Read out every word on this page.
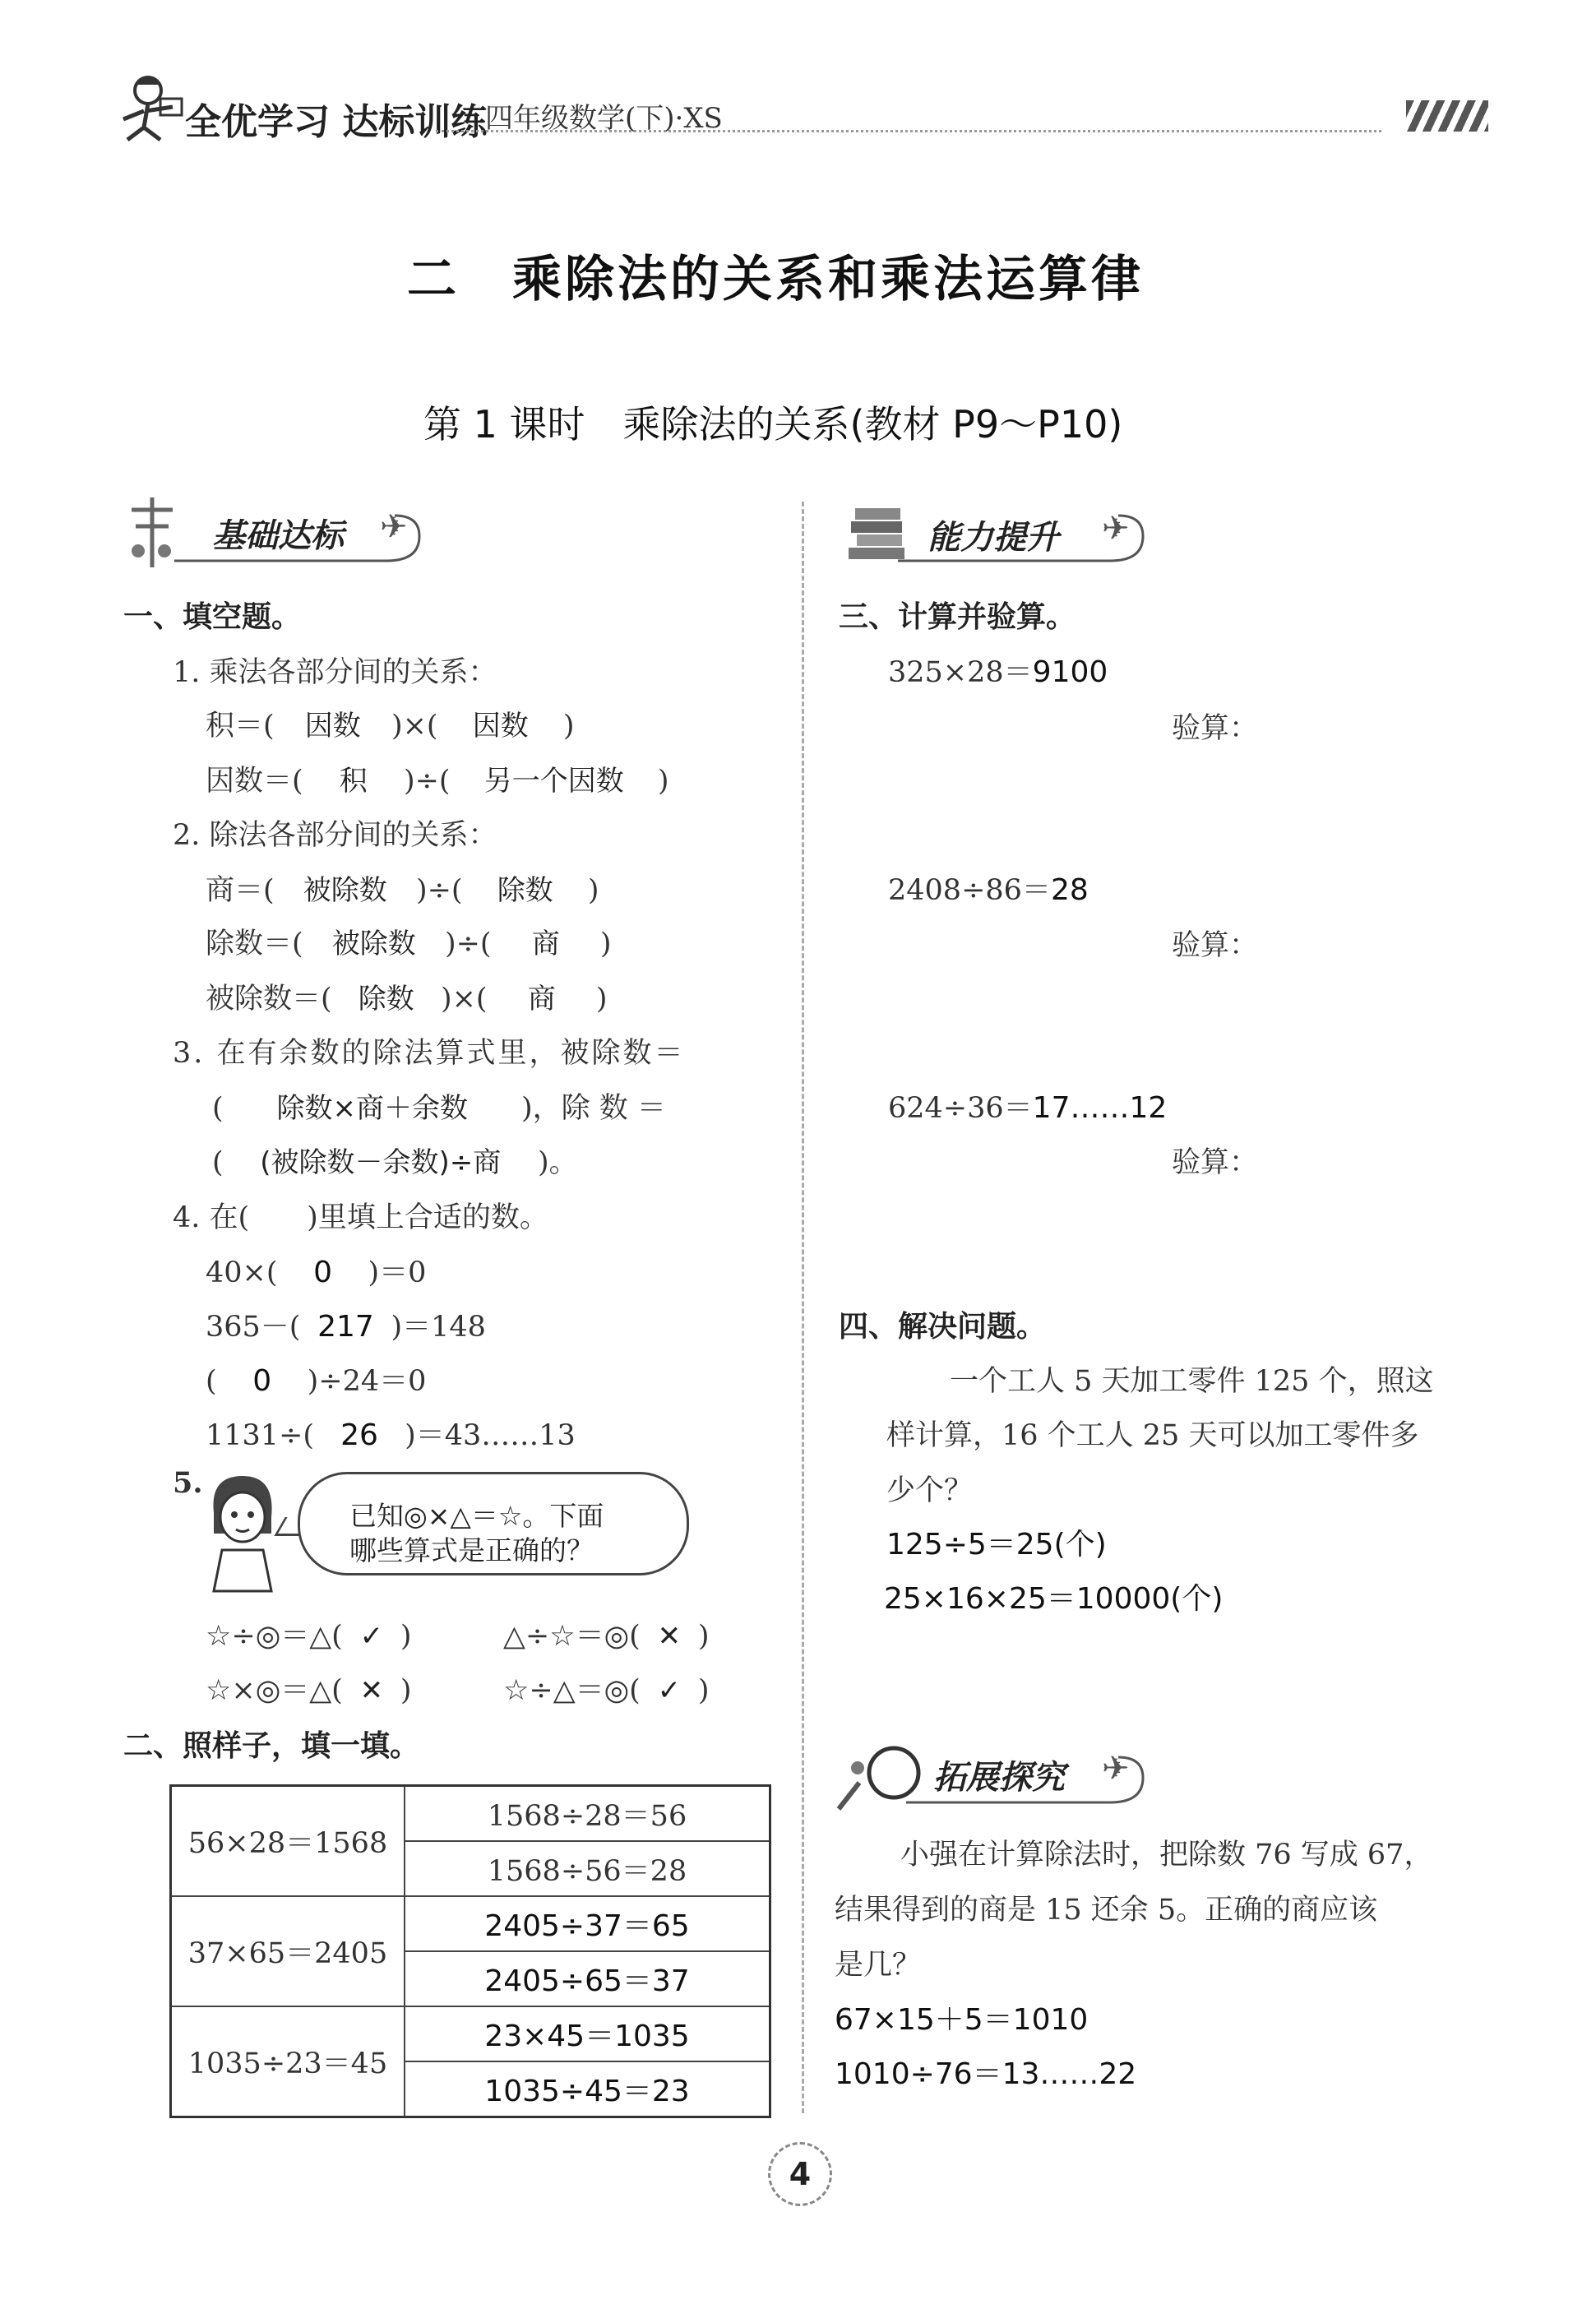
全优学习 达标训练
四年级数学(下)·XS
二　乘除法的关系和乘法运算律
第 1 课时　乘除法的关系(教材 P9～P10)
基础达标 ✈
一、填空题。
1. 乘法各部分间的关系：
积＝( 因数 )×( 因数 )
因数＝( 积 )÷( 另一个因数 )
2. 除法各部分间的关系：
商＝( 被除数 )÷( 除数 )
除数＝( 被除数 )÷( 商 )
被除数＝( 除数 )×( 商 )
3. 在有余数的除法算式里，被除数＝
( 除数×商＋余数 )，除 数 ＝
( (被除数－余数)÷商 )。
4. 在(　　)里填上合适的数。
40×( 0 )＝0
365－( 217 )＝148
( 0 )÷24＝0
1131÷( 26 )＝43……13
5.
已知◎×△＝☆。下面
哪些算式是正确的？
☆÷◎＝△( ✓ )	△÷☆＝◎( ✕ )
☆×◎＝△( ✕ )	☆÷△＝◎( ✓ )
二、照样子，填一填。
56×28＝1568	1568÷28＝56
	1568÷56＝28
37×65＝2405	2405÷37＝65
	2405÷65＝37
1035÷23＝45	23×45＝1035
	1035÷45＝23
能力提升 ✈
三、计算并验算。
325×28＝9100
验算：
2408÷86＝28
验算：
624÷36＝17……12
验算：
四、解决问题。
一个工人 5 天加工零件 125 个，照这
样计算，16 个工人 25 天可以加工零件多
少个？
125÷5＝25(个)
25×16×25＝10000(个)
拓展探究 ✈
小强在计算除法时，把除数 76 写成 67，
结果得到的商是 15 还余 5。正确的商应该
是几？
67×15＋5＝1010
1010÷76＝13……22
4
